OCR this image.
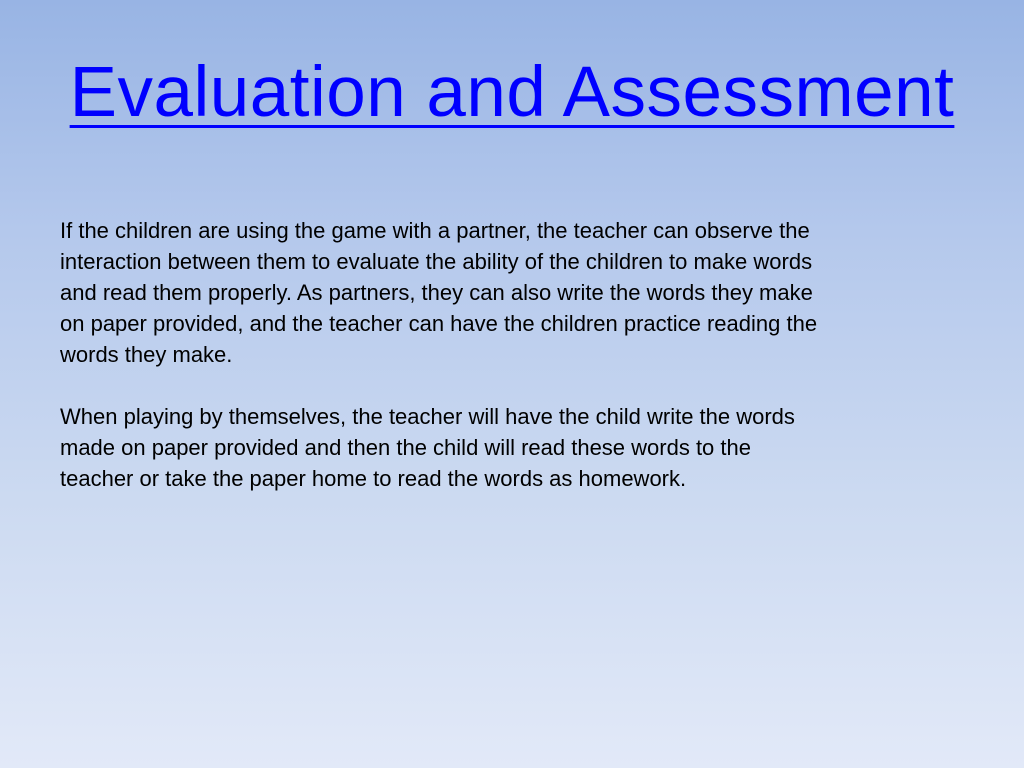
Evaluation and Assessment

If the children are using the game with a partner, the teacher can observe the
interaction between them to evaluate the ability of the children to make words
and read them properly. As partners, they can also write the words they make
on paper provided, and the teacher can have the children practice reading the
words they make.

When playing by themselves, the teacher will have the child write the words
made on paper provided and then the child will read these words to the
teacher or take the paper home to read the words as homework.
